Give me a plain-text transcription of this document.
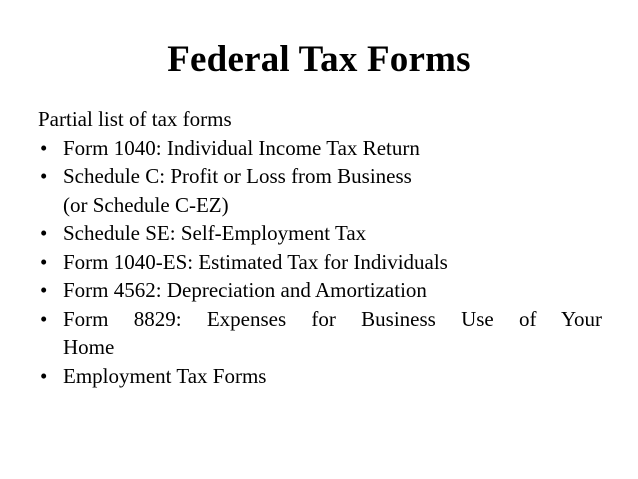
Federal Tax Forms

Partial list of tax forms

• Form 1040: Individual Income Tax Return
• Schedule C: Profit or Loss from Business
(or Schedule C-EZ)
• Schedule SE: Self-Employment Tax
• Form 1040-ES: Estimated Tax for Individuals
• Form 4562: Depreciation and Amortization
• Form 8829: Expenses for Business Use of Your
Home
• Employment Tax Forms
